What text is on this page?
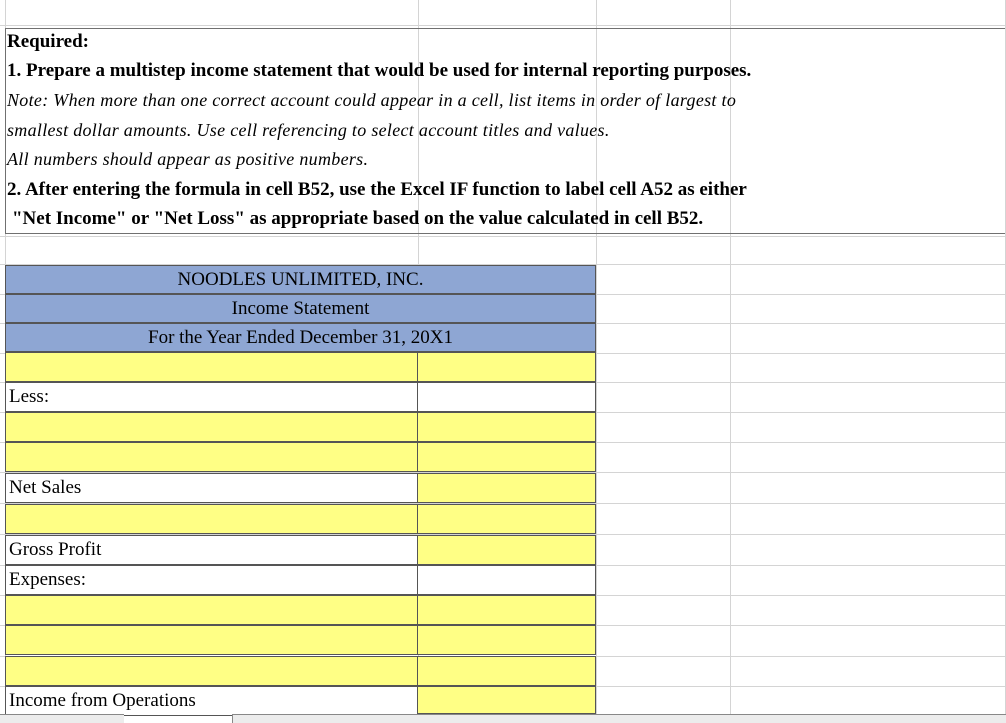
Required:
1. Prepare a multistep income statement that would be used for internal reporting purposes.
Note: When more than one correct account could appear in a cell, list items in order of largest to
smallest dollar amounts. Use cell referencing to select account titles and values.
All numbers should appear as positive numbers.
2. After entering the formula in cell B52, use the Excel IF function to label cell A52 as either
"Net Income" or "Net Loss" as appropriate based on the value calculated in cell B52.
NOODLES UNLIMITED, INC.
Income Statement
For the Year Ended December 31, 20X1
Less:
Net Sales
Gross Profit
Expenses:
Income from Operations
